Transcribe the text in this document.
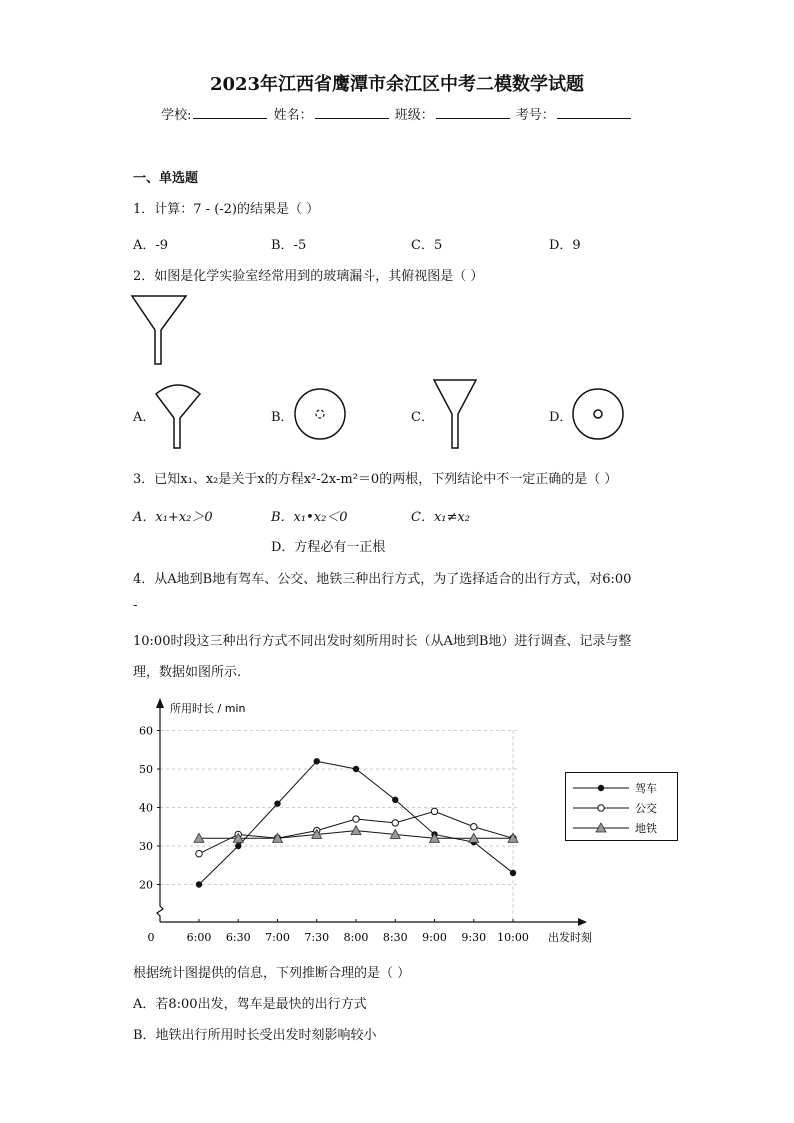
2023年江西省鹰潭市余江区中考二模数学试题
学校:	姓名：	班级：	考号：
一、单选题
1．计算：7 - (-2)的结果是（ ）
A．-9	B．-5	C．5	D．9
2．如图是化学实验室经常用到的玻璃漏斗，其俯视图是（ ）
A．	B．	C．	D．
3．已知x₁、x₂是关于x的方程x²-2x-m²＝0的两根，下列结论中不一定正确的是（ ）
A．x₁+x₂＞0	B．x₁•x₂＜0	C．x₁≠x₂
D．方程必有一正根
4．从A地到B地有驾车、公交、地铁三种出行方式，为了选择适合的出行方式，对6:00
-
10:00时段这三种出行方式不同出发时刻所用时长（从A地到B地）进行调查、记录与整
理，数据如图所示.
20
30
40
50
60
6:00 6:30 7:00 7:30 8:00 8:30 9:00 9:30 10:00
所用时长 / min
出发时刻
0
驾车
公交
地铁
根据统计图提供的信息，下列推断合理的是（ ）
A．若8:00出发，驾车是最快的出行方式
B．地铁出行所用时长受出发时刻影响较小
